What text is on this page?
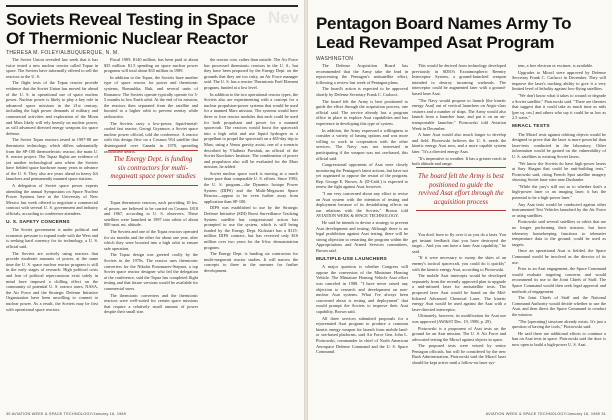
Soviets Reveal Testing in Space Of Thermionic Nuclear Reactor
Nev
THERESA M. FOLEY/ALBUQUERQUE, N. M.

The Soviet Union revealed last week that it has twice tested a new nuclear reactor called Topaz in space. The Soviets have informally offered to sell the reactors to the U. S.

The flight tests of the Topaz reactor provide evidence that the Soviet Union has moved far ahead of the U. S. in operational use of space nuclear power. Nuclear power is likely to play a key role in advanced space missions in the 21st century, including the high power demands of military and commercial activities and exploration of the Moon and Mars likely will rely heavily on nuclear power, as will advanced directed energy weapons for space defense.

The Soviet Topaz reactors tested in 1987-88 are thermionic technology, which differs substantially from the SP-100 thermoelectric reactor, the main U. S. reactor project. The Topaz flights are evidence of yet another technological area where the Soviets have fielded space hardware many years in advance of the U. S. They also are years ahead in heavy lift launchers and permanently manned space stations.

A delegation of Soviet space power experts attending the annual Symposium on Space Nuclear Power Systems here at the University of New Mexico last week offered to negotiate a commercial contract with several U. S. government and industry officials, according to conference attendees.

U. S. SAFETY CONCERNS

The Soviet government is under political and economic pressure to expand trade with the West and is seeking hard currency for its technology, a U. S. official said.

The Soviets are actively using reactors that provide moderate amounts of power, at the same time the U. S. space nuclear reactor program is still in the early stages of research. High political costs and fear of political repercussions exist safely in mind have imposed a chilling effect on the community of potential U. S. reactor users, NASA, the Air Force and the Strategic Defense Initiative Organization have been unwilling to commit to nuclear power. As a result, the Soviets may be first with operational space reactors.

Fiscal 1989, $140 million, has been paid to about $35 million. $1.5 spending on space nuclear power programs will total about $35 million in 1989.

In addition to the Topaz, the Soviets have another type of space reactor for power and thermionic systems, Romashka, Buk, and several units of Romanov. The Soviets operate typically operate for 3-5 months in low Earth orbit. At the end of its mission, the reactors then separated from the satellite and boosted to a higher orbit to prevent reentry while radioactive.

The Soviets carry a low-power, liquid-metal-cooled fast reactor, Georgi Gryaznov, a Soviet space nuclear power official, told the conference. A reactor with this design flew on a Cosmos 954 satellite that disintegrated over Canada in 1978, spreading radioactive debris.

The Energy Dept. is funding six contractors for multi-megawatt space power studies

Topaz thermionic reactors, each providing 10 kw. of power, are believed to be carried on Cosmos 1818 and 1867, according to U. S. observers. These satellites were launched in 1987 into orbits of about 800 naut. mi. altitude.

The Soviets and one of the Topaz reactors operated for six months and the other for about one year, after which they were boosted into a high orbit to ensure safe operation.

The Topaz design was greeted coolly by the Soviets in the 1970s. The reactor uses thermionic converters for the Nikolai Ponomarev-Stepnoi, a top Soviet space reactor designer who led the delegation at the conference, said the Topaz has completed flight testing and that future versions would be available for commercial users.

The thermionic converters and the thermionic reactors were well-suited for certain space missions that require a relatively small amount of power despite their small size.

the reactor core, rather than outside. The Air Force has processed thermionic reactors in the U. S., but they have been proposed by the Energy Dept. on the grounds that they are too risky, an Air Force manager said. The U. S. has a reactor Thermionic Fuel Element program, funded at a low level.

In addition to the two operational reactor types, the Soviets also are experimenting with a concept for a nuclear propulsion-power systems that would be used for a manned Mars mission. The systems would have three or four reactor modules that each could be used for both propulsion and power for a manned spacecraft. The reactors would boost the spacecraft into a high orbit and use liquid hydrogen as a propellant to propel the spacecraft on a 465-day trip to Mars, using a Venus gravity assist, one of a scenario described by Vladimir Pavshuk, an official of the Soviet Kurchatov Institute. The combination of power and propulsion also will be evaluated for the Mars mission, he added.

Soviet nuclear space work is moving at a much faster pace than comparable U. S. efforts. Since 1983, the U. S. program—the Dynamic Isotope Power System (DIPS) and the Multi-Megawatt Space Reactor—appear to be even further away from application than SP-100.

DIPS was established to use by the Strategic Defense Initiative (SDI) Boost Surveillance Tracking System satellite but congressional action has prompted to use the system, which is still being funded by the Energy Dept. Kickstart has a $115-million DIPS contract, but has received only $16 million over two years for the 6-kw. demonstration program.

The Energy Dept. is funding six contractors for multi-megawatt reactor studies. It will narrow the concepts to three in the summer for further development.

30 AVIATION WEEK & SPACE TECHNOLOGY/January 16, 1989
Pentagon Board Names Army To Lead Revamped Asat Program
WASHINGTON

The Defense Acquisition Board has recommended that the Army take the lead in reprocessing the Pentagon's antisatellite effort, following a review last week of Pentagon plans.

The board's action is expected to be approved shortly by Defense Secretary Frank C. Carlucci.

The board felt the Army is best positioned to guide the effort through the acquisition process, one official said. The service already has a program office in place to explore Asat capabilities and has experience in developing this type of system.

In addition, the Army expressed a willingness to consider a variety of basing options and was more willing to work in cooperation with the other services. The Navy was not interested in participating if the weapon was not sea-based, this official said.

Congressional opponents of Asat were closely monitoring the Pentagon's latest actions, but have not yet organized to oppose the restart of the program. Rep. George E. Brown, Jr. (D-Calif.) is expected to renew the fight against Asat, however.

"I am very concerned about any effort to revise an Asat system with the intention of testing and deployment because of its destabilizing effects on our relations with the Soviets," Brown told AVIATION WEEK & SPACE TECHNOLOGY.

He said he intends to devise a strategy to prevent Asat development and testing. Although there is no legal prohibition against Asat testing, there will be strong objection to restarting the program within the Appropriations and Armed Services committees, Brown said.

MULTIPLE-USE LAUNCHERS

A major question is whether Congress will oppose the conversion of the Miniature Homing Vehicle. The Miniature Homing Vehicle Asat effort was canceled in 1988. "I have never raised any objection to research and development on non-nuclear Asat systems. What I've always been concerned about is testing and deployment" that would prompt the Soviets to improve their Asat capability, Brown said.

All three services submitted proposals for a rejuvenated Asat program to produce a common kinetic energy weapon for launch from mobile land- or sea-based platforms, said Air Force Gen. John L. Piotrowski, commander in chief of North American Aerospace Defense Command and the U. S. Space Command.

This would be derived from technology developed previously in SDIO's Exoatmospheric Reentry Interceptor System, a ground-launched weapon intended to destroy incoming warheads. The interceptor could be augmented later with a ground-based laser Asat.

"The Navy would propose to launch [the kinetic energy Asat] out of vertical launchers on Aegis-class cruisers and a number of ships. The Army would also launch from a launcher base, and put it on an air-transportable launcher," Piotrowski told Aviation Week in December.

A laser Asat would also much longer to develop and field. Piotrowski believes the U. S. needs the kinetic energy Asat now, and a more capable system later. "It's a directed energy Asat.

"It's imperative to weather. It has a greater reach in both altitude and range.

The board felt the Army is best positioned to guide the revived Asat effort through the acquisition process

You don't have to fly over it as you do a laser. You get instant feedback that you have destroyed the target... And you can have a laser Asat capability," he said.

"If it were necessary to sweep the skies of an enemy's tactical spacecraft, you could do it quickly" with the kinetic energy Asat, according to Piotrowski.

The mobile Asat intercepts would be developed separately from the recently approved plan to upgrade a mid-infrared laser for antisatellite tests. The proposed laser Asat would be based on the Mid-Infrared Advanced Chemical Laser. The kinetic energy Asat would be used against the Asat with a laser-directed interceptor.

Ultimately, however, its modification for Asat use was approved (AW&ST Dec. 19, 1988, p. 29).

Piotrowski is a proponent of Asat tests on the ground for an Asat mission. The U. S. Air Force and advocated testing the Miracl against objects in space.

The proposed tests were vetoed by senior Pentagon officials, but will be considered by the new Bush Administration, Piotrowski said the Miracl laser should be kept active until a follow-on laser sys-

tem, a free electron or excimer, is available.

Upgrades to Miracl were approved by Defense Secretary Frank C. Carlucci in December. They will improve the laser's tracking ability to give it a very limited level of lethality against low-flying satellites.

"We don't know what it takes to wound or degrade a Soviet satellite," Piotrowski said. "There are theories that suggest that it could take as much time as mils [per sq. cm.] and others who say it could be as low as 2.5 watts."

MIRACL TESTS

The Miracl tests against orbiting objects would be designed to prove that the laser is more powerful than laser-tests conducted in the laboratory. Other information would be gained on the vulnerability of U. S. satellites to existing Soviet lasers.

"We know the Soviets do have high-power lasers at Sary Shagan that could be anti-building tests," Piotrowski said, citing French Spot satellite imagery showing Soviet laser sites near Dushanbe.

"While the jury's still out as to whether that's a high-power laser or an imaging laser, it has the potential to be a high-power laser."

Any Asat tests would be conducted against other instrumented Test Vehicles launched by the Air Force or using satellites.

Piotrowski said several satellites or orbits that are no longer performing their mission, but have telemetry housekeeping functions to telemeter temperature data to the ground, could be used as targets.

Once an operational Asat is fielded, the Space Command would be involved as the director of its use.

Prior to an Asat engagement, the Space Command would evaluate targeting concerns and would recommend its use to the Joint Chiefs of Staff. The Space Command would then seek legal approval and methods of engagement.

The Joint Chiefs of Staff and the National Command Authority would decide whether to use the Asat, and then direct the Space Command to conduct the mission.

"The [operating] structure already exists. It's just a question of having the tools," Piotrowski said.

He said there are additional efforts to continue a ban on Asat tests in space. Piotrowski said the door is now open to build a high-power U. S. Asat.

AVIATION WEEK & SPACE TECHNOLOGY/January 16, 1989 31
